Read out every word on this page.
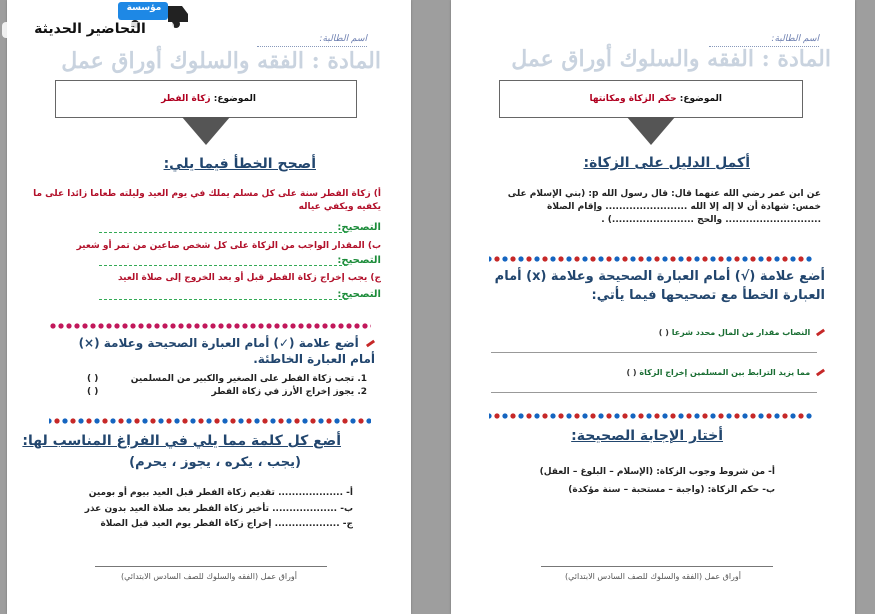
اسم الطالبة:
المادة : الفقه والسلوك أوراق عمل
الموضوع: زكاة الفطر
أصحح الخطأ فيما يلي:
أ) زكاة الفطر سنة على كل مسلم يملك في يوم العيد وليلته طعاما زائدا على ما يكفيه ويكفي عياله
التصحيح:
ب) المقدار الواجب من الزكاة على كل شخص صاعين من تمر أو شعير
التصحيح:
ج) يجب إخراج زكاة الفطر قبل أو بعد الخروج إلى صلاة العيد
التصحيح:
أضع علامة (✓) أمام العبارة الصحيحة وعلامة (×) أمام العبارة الخاطئة.
1. تجب زكاة الفطر على الصغير والكبير من المسلمين
( )
2. يجوز إخراج الأرز في زكاة الفطر
( )
أضع كل كلمة مما يلي في الفراغ المناسب لها:
(يجب ، يكره ، يجوز ، يحرم)
أ- ................... تقديم زكاة الفطر قبل العيد بيوم أو بومين
ب- ................... تأخير زكاة الفطر بعد صلاة العيد بدون عذر
ج- ................... إخراج زكاة الفطر يوم العيد قبل الصلاة
أوراق عمل (الفقه والسلوك للصف السادس الابتدائي)
اسم الطالبة:
المادة : الفقه والسلوك أوراق عمل
الموضوع: حكم الزكاة ومكانتها
أكمل الدليل على الزكاة:
عن ابن عمر رضي الله عنهما قال: قال رسول الله p: (بني الإسلام على خمس: شهادة أن لا إله إلا الله ........................ وإقام الصلاة ............................ والحج ........................) .
أضع علامة (√) أمام العبارة الصحيحة وعلامة (x) أمام العبارة الخطأ مع تصحيحها فيما يأتي:
النصاب مقدار من المال محدد شرعا ( )
مما يزيد الترابط بين المسلمين إخراج الزكاة ( )
أختار الإجابة الصحيحة:
أ- من شروط وجوب الزكاة: (الإسلام – البلوغ – العقل)
ب- حكم الزكاة: (واجبة – مستحبة – سنة مؤكدة)
أوراق عمل (الفقه والسلوك للصف السادس الابتدائي)
مؤسسة
التحاضير الحديثة
